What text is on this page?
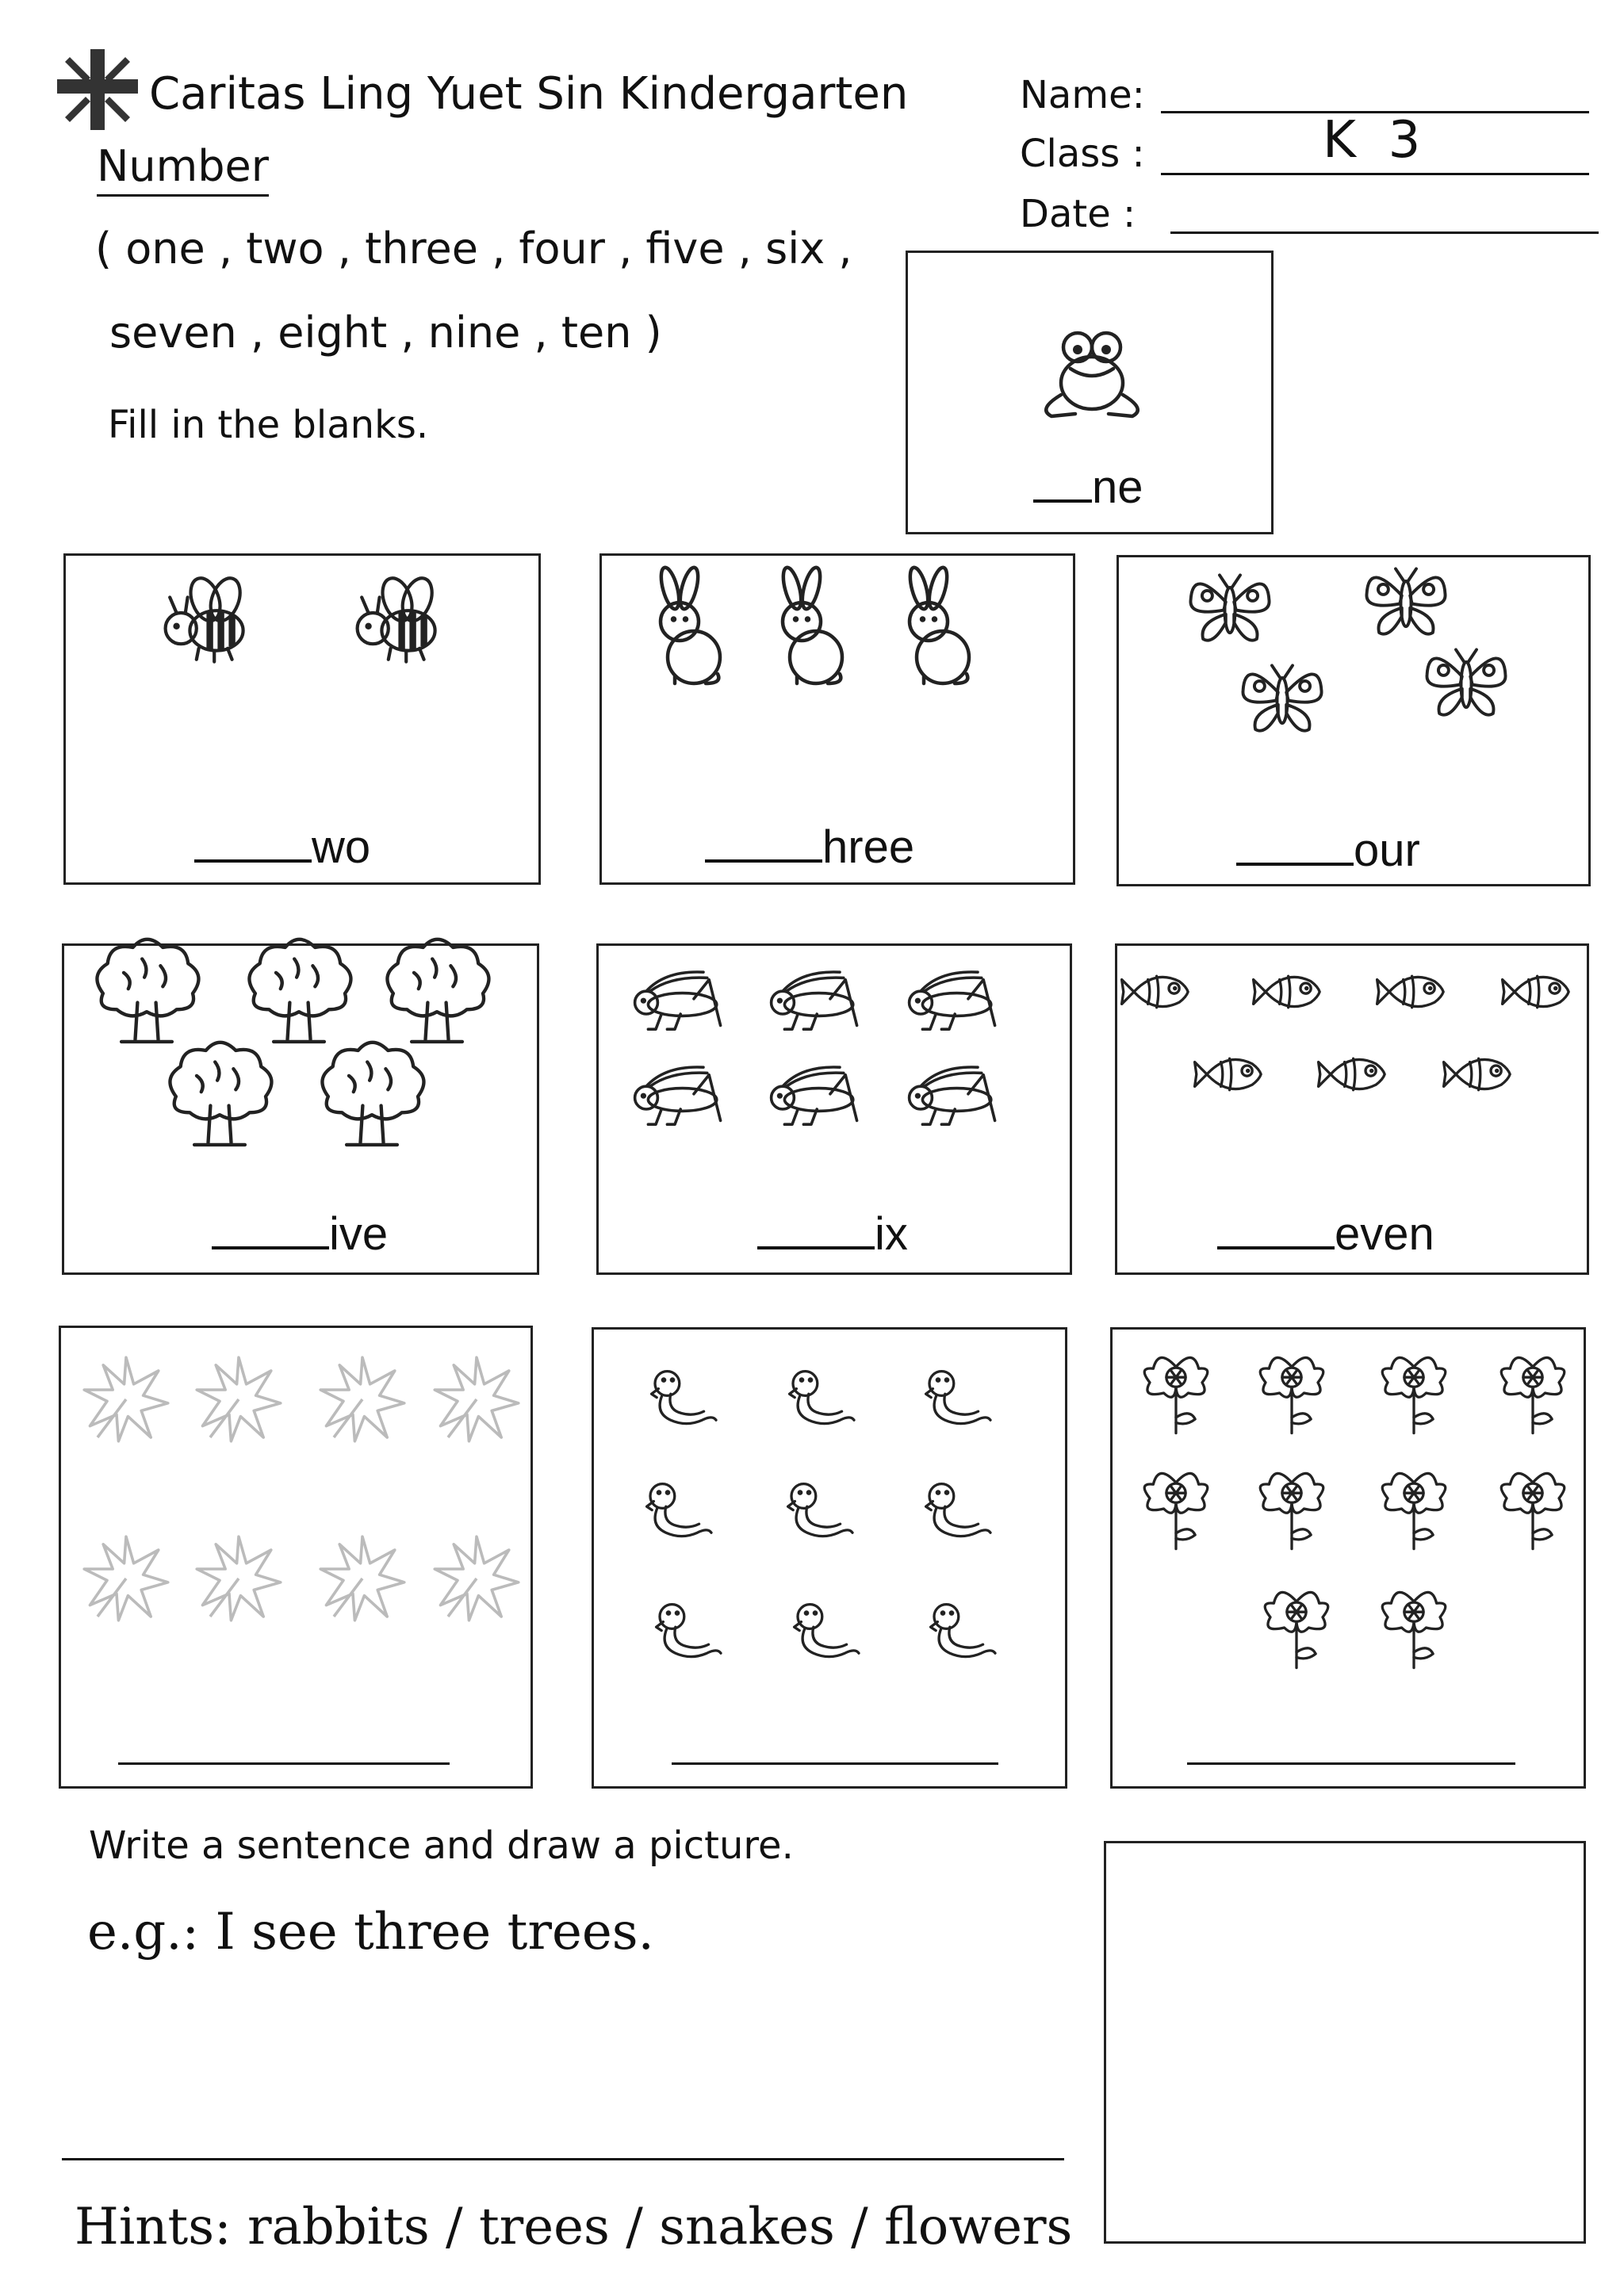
Caritas Ling Yuet Sin Kindergarten
Number
( one , two , three , four , five , six ,
seven , eight , nine , ten )
Fill in the blanks.
Name:
Class :	K  3
Date :
ne
wo	hree	our
ive	ix	even
Write a sentence and draw a picture.
e.g.: I see three trees.
Hints: rabbits / trees / snakes / flowers
